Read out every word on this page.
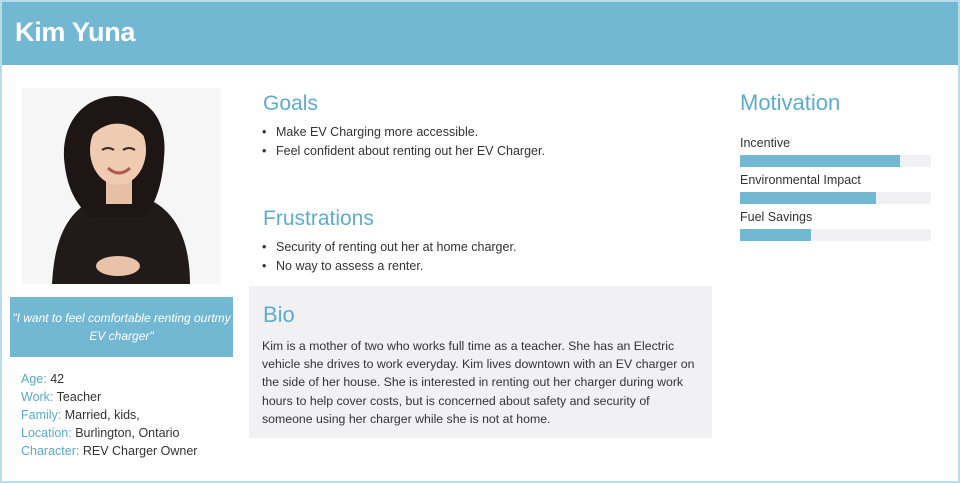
Kim Yuna
"I want to feel comfortable renting ourtmy EV charger"
Age: 42
Work: Teacher
Family: Married, kids,
Location: Burlington, Ontario
Character: REV Charger Owner
Goals
• Make EV Charging more accessible.
• Feel confident about renting out her EV Charger.
Frustrations
• Security of renting out her at home charger.
• No way to assess a renter.
Bio

Kim is a mother of two who works full time as a teacher. She has an Electric vehicle she drives to work everyday. Kim lives downtown with an EV charger on the side of her house. She is interested in renting out her charger during work hours to help cover costs, but is concerned about safety and security of someone using her charger while she is not at home.

Motivation
Incentive
Environmental Impact
Fuel Savings
